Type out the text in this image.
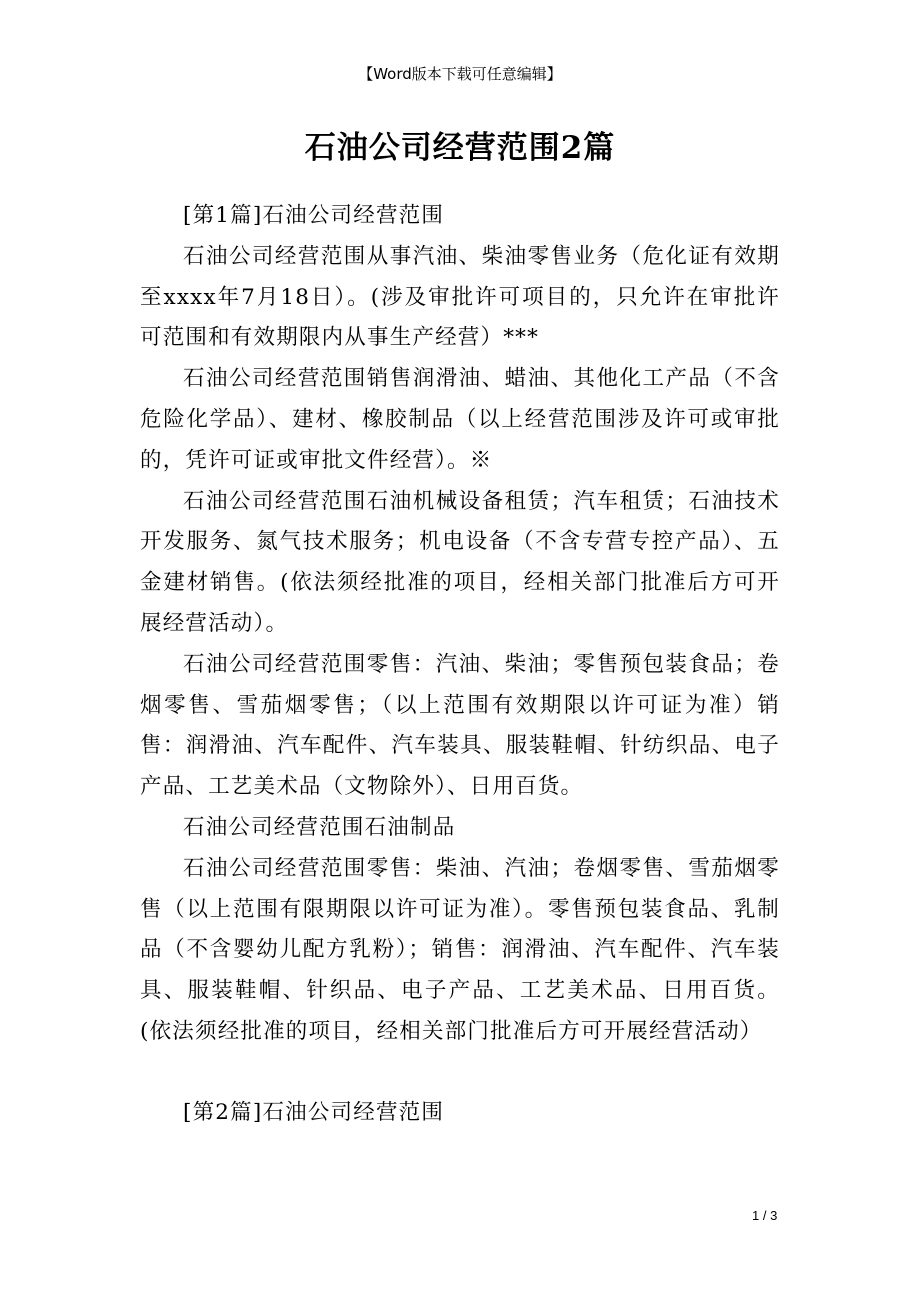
【Word版本下载可任意编辑】
石油公司经营范围2篇

[第1篇]石油公司经营范围

石油公司经营范围从事汽油、柴油零售业务（危化证有效期至xxxx年7月18日）。(涉及审批许可项目的，只允许在审批许可范围和有效期限内从事生产经营）***

石油公司经营范围销售润滑油、蜡油、其他化工产品（不含危险化学品）、建材、橡胶制品（以上经营范围涉及许可或审批的，凭许可证或审批文件经营）。※

石油公司经营范围石油机械设备租赁；汽车租赁；石油技术开发服务、氮气技术服务；机电设备（不含专营专控产品）、五金建材销售。(依法须经批准的项目，经相关部门批准后方可开展经营活动）。

石油公司经营范围零售：汽油、柴油；零售预包装食品；卷烟零售、雪茄烟零售；（以上范围有效期限以许可证为准）销售：润滑油、汽车配件、汽车装具、服装鞋帽、针纺织品、电子产品、工艺美术品（文物除外）、日用百货。

石油公司经营范围石油制品

石油公司经营范围零售：柴油、汽油；卷烟零售、雪茄烟零售（以上范围有限期限以许可证为准）。零售预包装食品、乳制品（不含婴幼儿配方乳粉）；销售：润滑油、汽车配件、汽车装具、服装鞋帽、针织品、电子产品、工艺美术品、日用百货。(依法须经批准的项目，经相关部门批准后方可开展经营活动）

[第2篇]石油公司经营范围

1 / 3
